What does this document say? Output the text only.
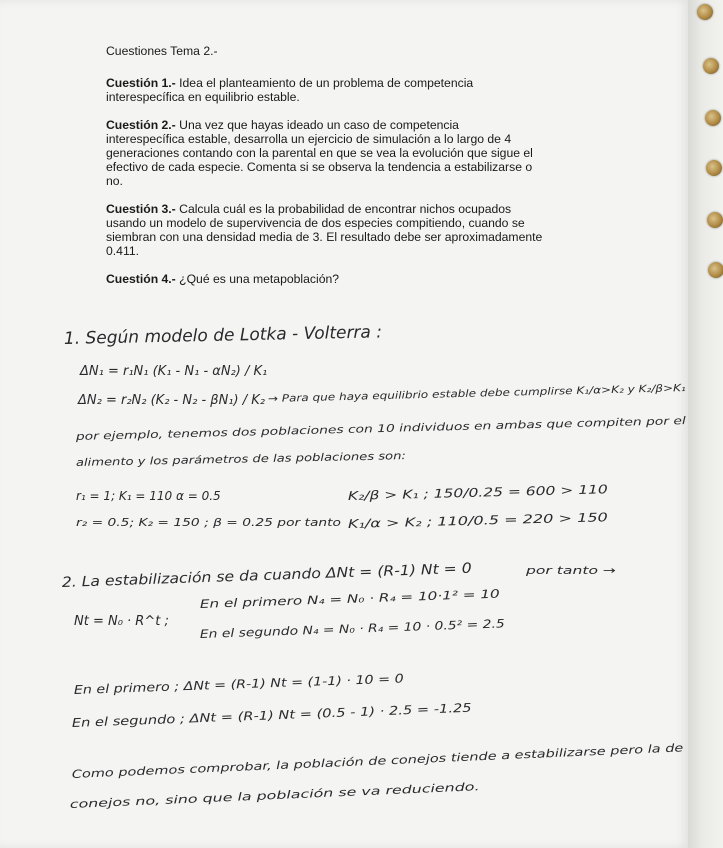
Cuestiones Tema 2.-

Cuestión 1.- Idea el planteamiento de un problema de competencia
interespecífica en equilibrio estable.

Cuestión 2.- Una vez que hayas ideado un caso de competencia
interespecífica estable, desarrolla un ejercicio de simulación a lo largo de 4
generaciones contando con la parental en que se vea la evolución que sigue el
efectivo de cada especie. Comenta si se observa la tendencia a estabilizarse o
no.

Cuestión 3.- Calcula cuál es la probabilidad de encontrar nichos ocupados
usando un modelo de supervivencia de dos especies compitiendo, cuando se
siembran con una densidad media de 3. El resultado debe ser aproximadamente
0.411.

Cuestión 4.- ¿Qué es una metapoblación?

1. Según modelo de Lotka - Volterra :
ΔN₁ = r₁N₁ (K₁ - N₁ - αN₂) / K₁
ΔN₂ = r₂N₂ (K₂ - N₂ - βN₁) / K₂ → Para que haya equilibrio estable debe cumplirse K₁/α>K₂ y K₂/β>K₁
por ejemplo, tenemos dos poblaciones con 10 individuos en ambas que compiten por el
alimento y los parámetros de las poblaciones son:
r₁ = 1; K₁ = 110 α = 0.5
r₂ = 0.5; K₂ = 150 ; β = 0.25 por tanto
K₂/β > K₁ ; 150/0.25 = 600 > 110
K₁/α > K₂ ; 110/0.5 = 220 > 150
2. La estabilización se da cuando ΔNt = (R-1) Nt = 0	por tanto →
Nt = N₀ · R^t ;
En el primero N₄ = N₀ · R₄ = 10·1² = 10
En el segundo N₄ = N₀ · R₄ = 10 · 0.5² = 2.5
En el primero ; ΔNt = (R-1) Nt = (1-1) · 10 = 0
En el segundo ; ΔNt = (R-1) Nt = (0.5 - 1) · 2.5 = -1.25
Como podemos comprobar, la población de conejos tiende a estabilizarse pero la de
conejos no, sino que la población se va reduciendo.
